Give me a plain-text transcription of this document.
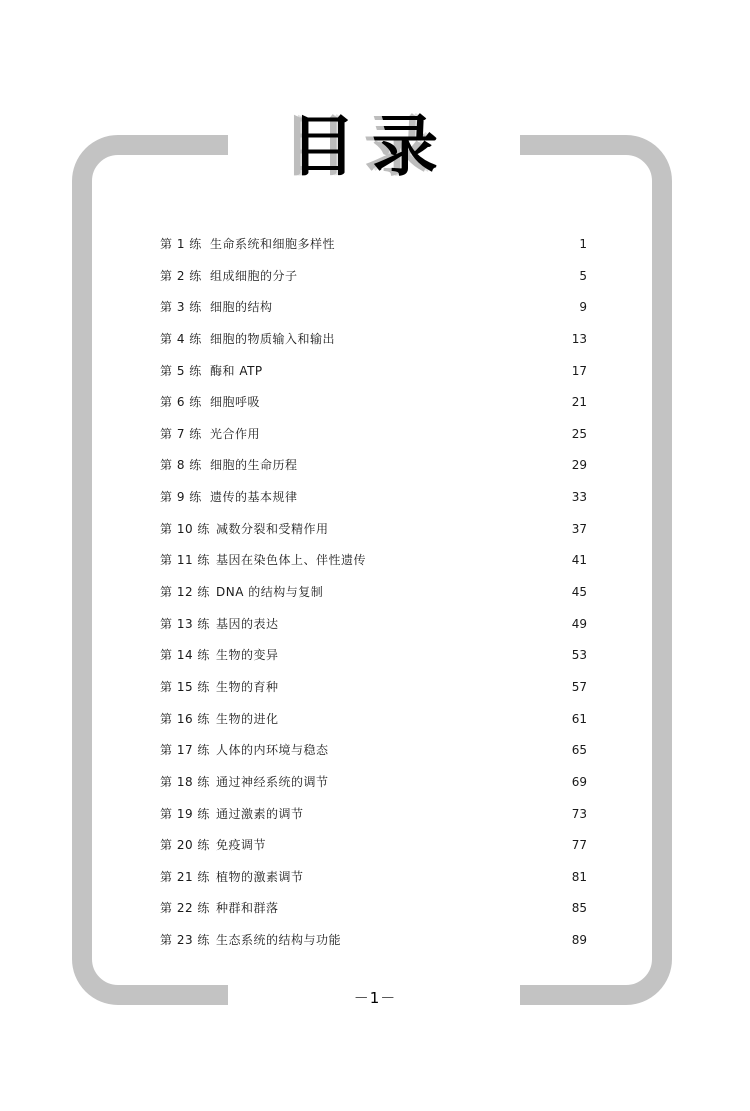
目 录
第 1 练 生命系统和细胞多样性	1
第 2 练 组成细胞的分子	5
第 3 练 细胞的结构	9
第 4 练 细胞的物质输入和输出	13
第 5 练 酶和 ATP	17
第 6 练 细胞呼吸	21
第 7 练 光合作用	25
第 8 练 细胞的生命历程	29
第 9 练 遗传的基本规律	33
第 10 练 减数分裂和受精作用	37
第 11 练 基因在染色体上、伴性遗传	41
第 12 练 DNA 的结构与复制	45
第 13 练 基因的表达	49
第 14 练 生物的变异	53
第 15 练 生物的育种	57
第 16 练 生物的进化	61
第 17 练 人体的内环境与稳态	65
第 18 练 通过神经系统的调节	69
第 19 练 通过激素的调节	73
第 20 练 免疫调节	77
第 21 练 植物的激素调节	81
第 22 练 种群和群落	85
第 23 练 生态系统的结构与功能	89
－1－
